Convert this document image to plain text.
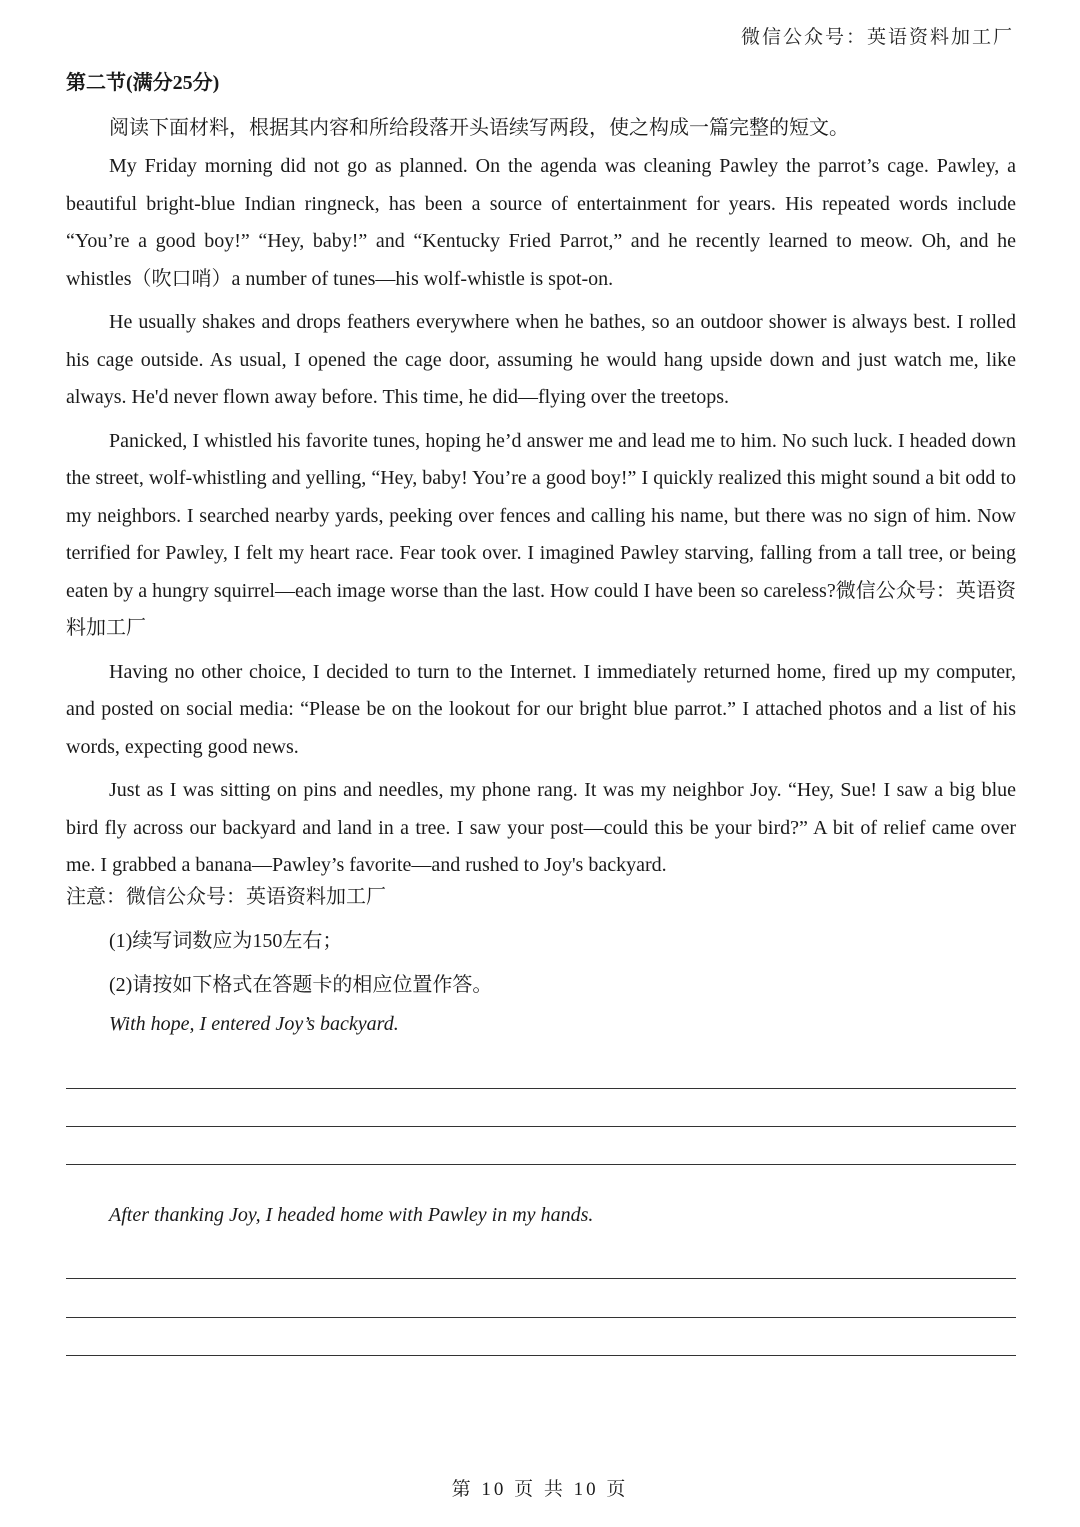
微信公众号：英语资料加工厂
第二节(满分25分)
阅读下面材料，根据其内容和所给段落开头语续写两段，使之构成一篇完整的短文。

My Friday morning did not go as planned. On the agenda was cleaning Pawley the parrot’s cage. Pawley, a beautiful bright-blue Indian ringneck, has been a source of entertainment for years. His repeated words include “You’re a good boy!” “Hey, baby!” and “Kentucky Fried Parrot,” and he recently learned to meow. Oh, and he whistles（吹口哨）a number of tunes—his wolf-whistle is spot-on.

He usually shakes and drops feathers everywhere when he bathes, so an outdoor shower is always best. I rolled his cage outside. As usual, I opened the cage door, assuming he would hang upside down and just watch me, like always. He'd never flown away before. This time, he did—flying over the treetops.

Panicked, I whistled his favorite tunes, hoping he’d answer me and lead me to him. No such luck. I headed down the street, wolf-whistling and yelling, “Hey, baby! You’re a good boy!” I quickly realized this might sound a bit odd to my neighbors. I searched nearby yards, peeking over fences and calling his name, but there was no sign of him. Now terrified for Pawley, I felt my heart race. Fear took over. I imagined Pawley starving, falling from a tall tree, or being eaten by a hungry squirrel—each image worse than the last. How could I have been so careless?微信公众号：英语资料加工厂

Having no other choice, I decided to turn to the Internet. I immediately returned home, fired up my computer, and posted on social media: “Please be on the lookout for our bright blue parrot.” I attached photos and a list of his words, expecting good news.

Just as I was sitting on pins and needles, my phone rang. It was my neighbor Joy. “Hey, Sue! I saw a big blue bird fly across our backyard and land in a tree. I saw your post—could this be your bird?” A bit of relief came over me. I grabbed a banana—Pawley’s favorite—and rushed to Joy's backyard.

注意：微信公众号：英语资料加工厂
(1)续写词数应为150左右；
(2)请按如下格式在答题卡的相应位置作答。
With hope, I entered Joy’s backyard.
After thanking Joy, I headed home with Pawley in my hands.
第 10 页 共 10 页
